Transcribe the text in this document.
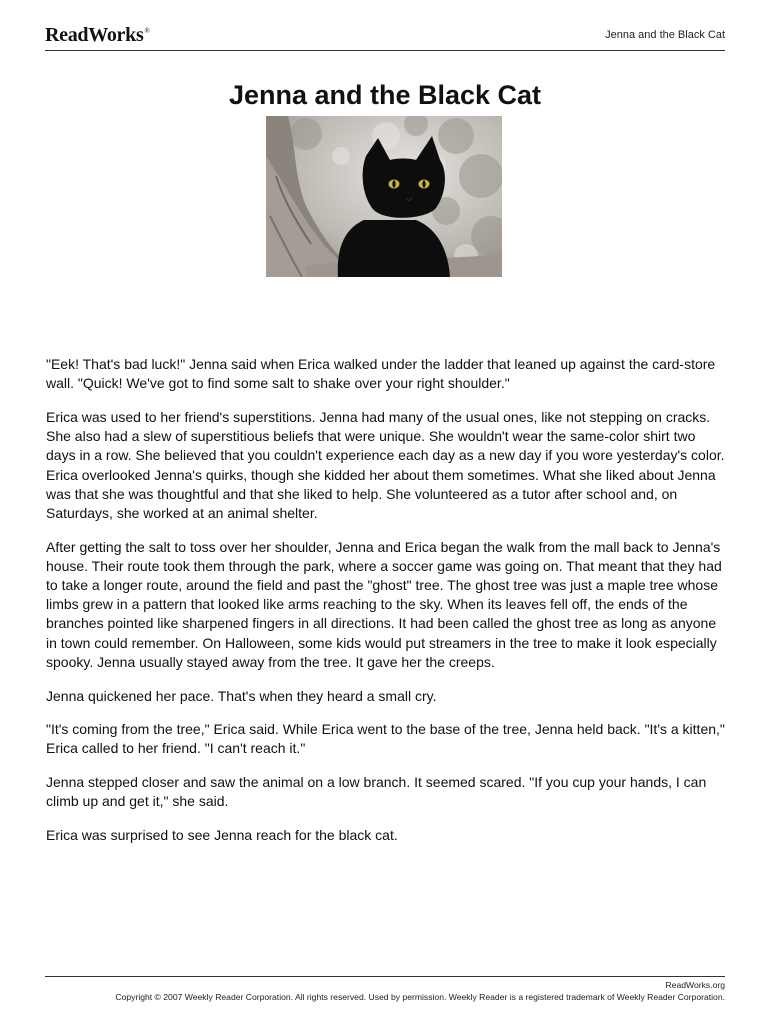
ReadWorks®	Jenna and the Black Cat
Jenna and the Black Cat

"Eek! That's bad luck!" Jenna said when Erica walked under the ladder that leaned up against the card-store wall. "Quick! We've got to find some salt to shake over your right shoulder."

Erica was used to her friend's superstitions. Jenna had many of the usual ones, like not stepping on cracks. She also had a slew of superstitious beliefs that were unique. She wouldn't wear the same-color shirt two days in a row. She believed that you couldn't experience each day as a new day if you wore yesterday's color. Erica overlooked Jenna's quirks, though she kidded her about them sometimes. What she liked about Jenna was that she was thoughtful and that she liked to help. She volunteered as a tutor after school and, on Saturdays, she worked at an animal shelter.

After getting the salt to toss over her shoulder, Jenna and Erica began the walk from the mall back to Jenna's house. Their route took them through the park, where a soccer game was going on. That meant that they had to take a longer route, around the field and past the "ghost" tree. The ghost tree was just a maple tree whose limbs grew in a pattern that looked like arms reaching to the sky. When its leaves fell off, the ends of the branches pointed like sharpened fingers in all directions. It had been called the ghost tree as long as anyone in town could remember. On Halloween, some kids would put streamers in the tree to make it look especially spooky. Jenna usually stayed away from the tree. It gave her the creeps.

Jenna quickened her pace. That's when they heard a small cry.

"It's coming from the tree," Erica said. While Erica went to the base of the tree, Jenna held back. "It's a kitten," Erica called to her friend. "I can't reach it."

Jenna stepped closer and saw the animal on a low branch. It seemed scared. "If you cup your hands, I can climb up and get it," she said.

Erica was surprised to see Jenna reach for the black cat.

ReadWorks.org
Copyright © 2007 Weekly Reader Corporation. All rights reserved. Used by permission. Weekly Reader is a registered trademark of Weekly Reader Corporation.
